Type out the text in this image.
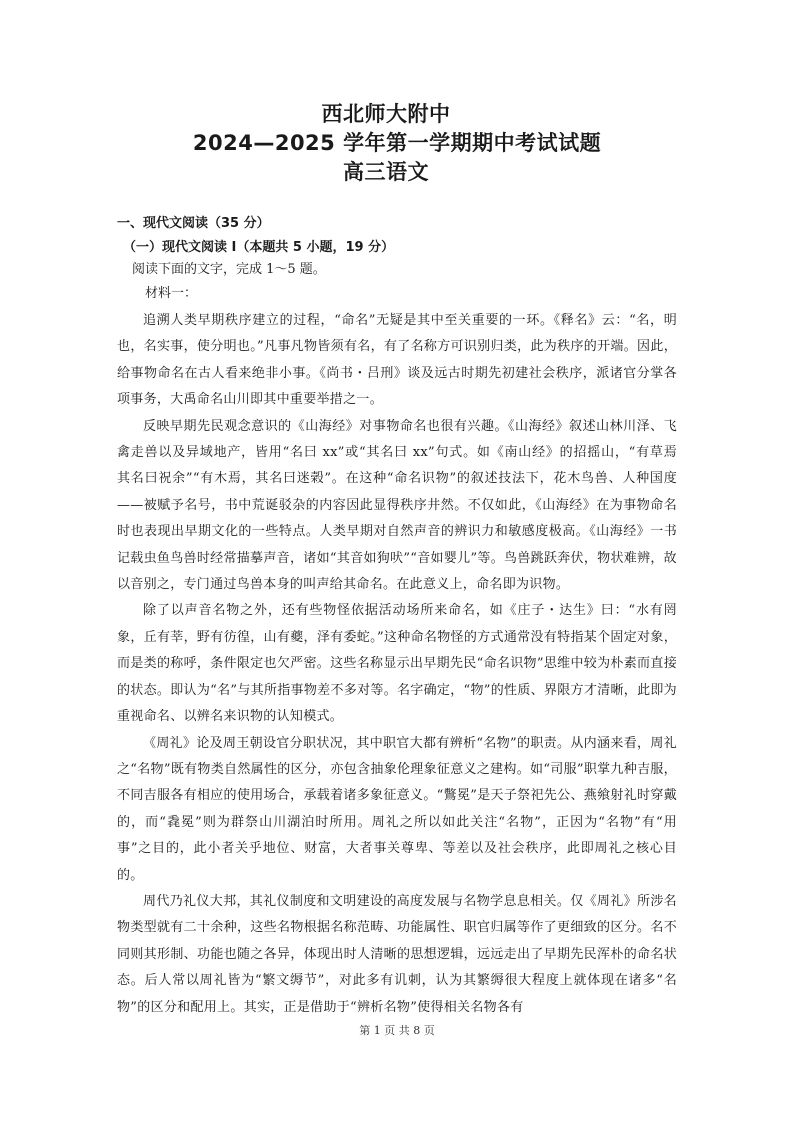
西北师大附中
2024—2025 学年第一学期期中考试试题
高三语文

一、现代文阅读（35 分）

（一）现代文阅读 I（本题共 5 小题，19 分）

阅读下面的文字，完成 1～5 题。

材料一：

追溯人类早期秩序建立的过程，“命名”无疑是其中至关重要的一环。《释名》云：“名，明也，名实事，使分明也。”凡事凡物皆须有名，有了名称方可识别归类，此为秩序的开端。因此，给事物命名在古人看来绝非小事。《尚书・吕刑》谈及远古时期先初建社会秩序，派诸官分掌各项事务，大禹命名山川即其中重要举措之一。

反映早期先民观念意识的《山海经》对事物命名也很有兴趣。《山海经》叙述山林川泽、飞禽走兽以及异域地产，皆用“名曰 xx”或“其名曰 xx”句式。如《南山经》的招摇山，“有草焉　　其名曰祝余”“有木焉，其名曰迷榖”。在这种“命名识物”的叙述技法下，花木鸟兽、人种国度——被赋予名号，书中荒诞驳杂的内容因此显得秩序井然。不仅如此，《山海经》在为事物命名时也表现出早期文化的一些特点。人类早期对自然声音的辨识力和敏感度极高。《山海经》一书记载虫鱼鸟兽时经常描摹声音，诸如“其音如狗吠”“音如婴儿”等。鸟兽跳跃奔伏，物状难辨，故以音别之，专门通过鸟兽本身的叫声给其命名。在此意义上，命名即为识物。

除了以声音名物之外，还有些物怪依据活动场所来命名，如《庄子・达生》曰：“水有罔象，丘有莘，野有彷徨，山有夔，泽有委蛇。”这种命名物怪的方式通常没有特指某个固定对象，而是类的称呼，条件限定也欠严密。这些名称显示出早期先民“命名识物”思维中较为朴素而直接的状态。即认为“名”与其所指事物差不多对等。名字确定，“物”的性质、界限方才清晰，此即为重视命名、以辨名来识物的认知模式。

《周礼》论及周王朝设官分职状况，其中职官大都有辨析“名物”的职责。从内涵来看，周礼之“名物”既有物类自然属性的区分，亦包含抽象伦理象征意义之建构。如“司服”职掌九种吉服，不同吉服各有相应的使用场合，承载着诸多象征意义。“鷩冕”是天子祭祀先公、燕飨射礼时穿戴的，而“毳冕”则为群祭山川湖泊时所用。周礼之所以如此关注“名物”，正因为“名物”有“用事”之目的，此小者关乎地位、财富，大者事关尊卑、等差以及社会秩序，此即周礼之核心目的。

周代乃礼仪大邦，其礼仪制度和文明建设的高度发展与名物学息息相关。仅《周礼》所涉名物类型就有二十余种，这些名物根据名称范畴、功能属性、职官归属等作了更细致的区分。名不同则其形制、功能也随之各异，体现出时人清晰的思想逻辑，远远走出了早期先民浑朴的命名状态。后人常以周礼皆为“繁文缛节”，对此多有讥刺，认为其繁缛很大程度上就体现在诸多“名物”的区分和配用上。其实，正是借助于“辨析名物”使得相关名物各有

第 1 页 共 8 页
